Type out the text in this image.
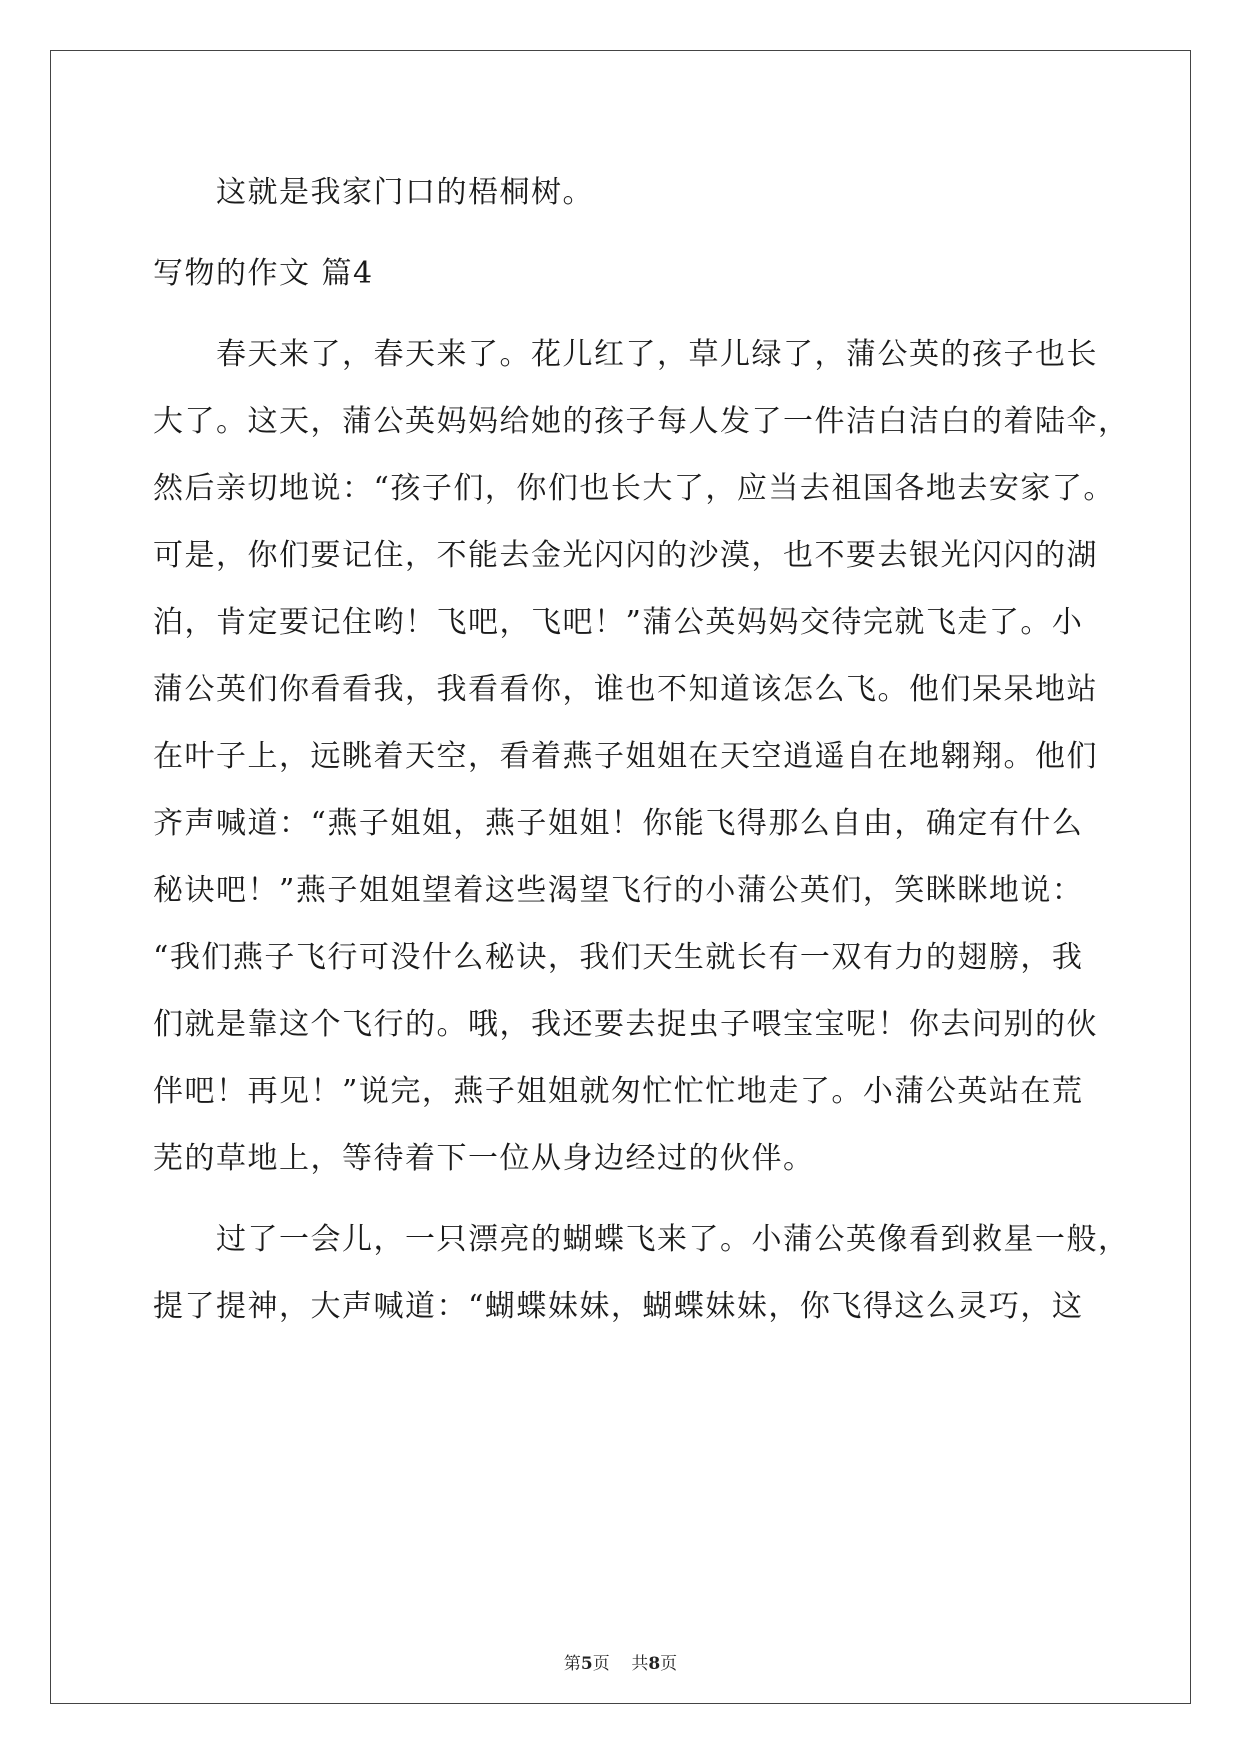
这就是我家门口的梧桐树。
写物的作文 篇4
春天来了，春天来了。花儿红了，草儿绿了，蒲公英的孩子也长
大了。这天，蒲公英妈妈给她的孩子每人发了一件洁白洁白的着陆伞，
然后亲切地说：“孩子们，你们也长大了，应当去祖国各地去安家了。
可是，你们要记住，不能去金光闪闪的沙漠，也不要去银光闪闪的湖
泊，肯定要记住哟！飞吧，飞吧！”蒲公英妈妈交待完就飞走了。小
蒲公英们你看看我，我看看你，谁也不知道该怎么飞。他们呆呆地站
在叶子上，远眺着天空，看着燕子姐姐在天空逍遥自在地翱翔。他们
齐声喊道：“燕子姐姐，燕子姐姐！你能飞得那么自由，确定有什么
秘诀吧！”燕子姐姐望着这些渴望飞行的小蒲公英们，笑眯眯地说：
“我们燕子飞行可没什么秘诀，我们天生就长有一双有力的翅膀，我
们就是靠这个飞行的。哦，我还要去捉虫子喂宝宝呢！你去问别的伙
伴吧！再见！”说完，燕子姐姐就匆忙忙忙地走了。小蒲公英站在荒
芜的草地上，等待着下一位从身边经过的伙伴。
过了一会儿，一只漂亮的蝴蝶飞来了。小蒲公英像看到救星一般，
提了提神，大声喊道：“蝴蝶妹妹，蝴蝶妹妹，你飞得这么灵巧，这
第5页 共8页
